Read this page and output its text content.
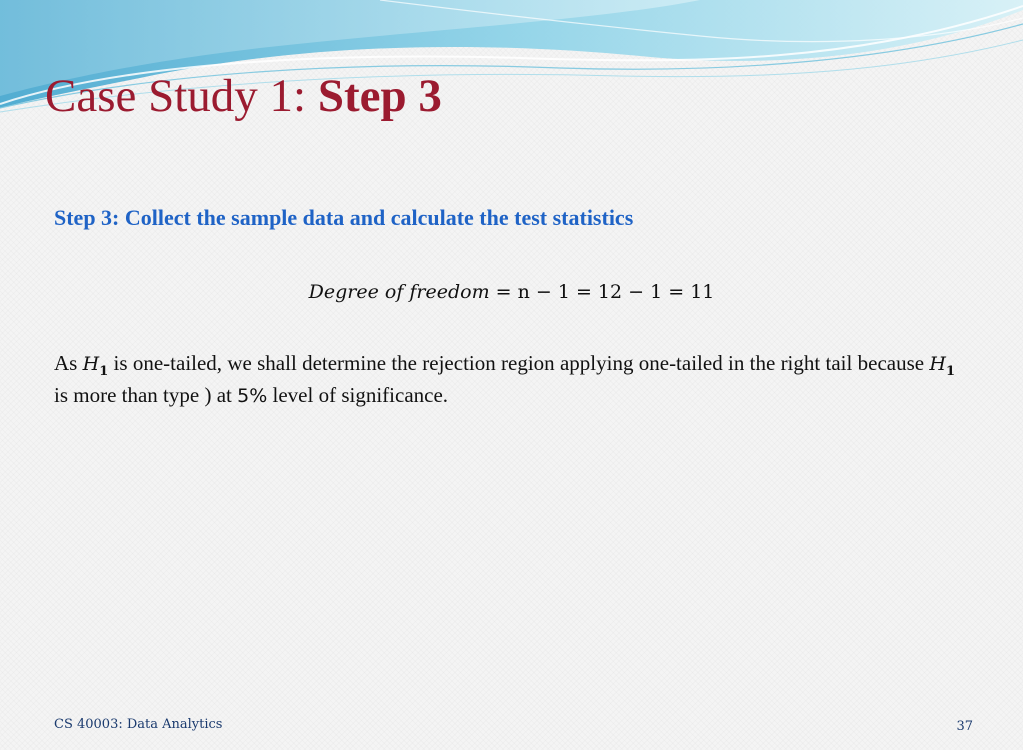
Case Study 1: Step 3
Step 3: Collect the sample data and calculate the test statistics
Degree of freedom = n − 1 = 12 − 1 = 11

As $H_1$ is one-tailed, we shall determine the rejection region applying one-tailed in the right tail because $H_1$ is more than type ) at 5% level of significance.

CS 40003: Data Analytics	37
